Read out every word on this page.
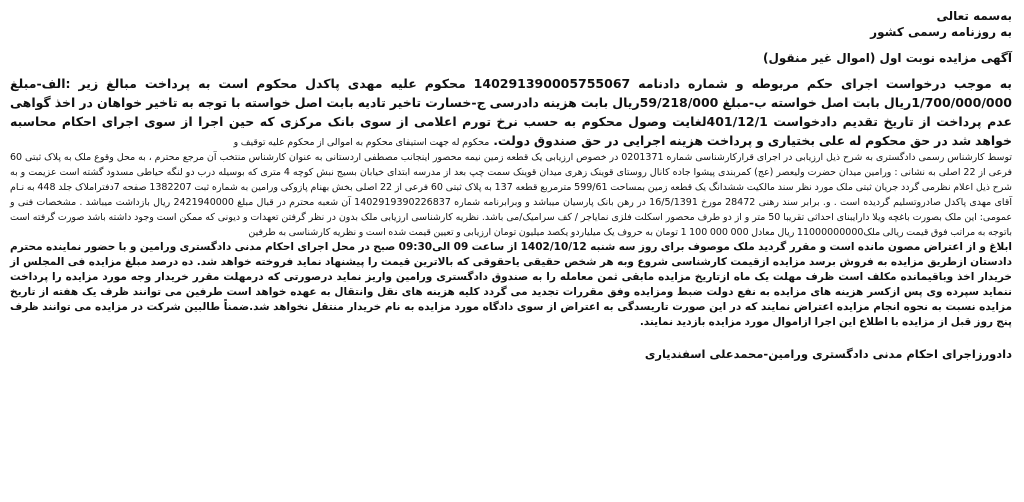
بەسمه تعالی

به روزنامه رسمی کشور

آگهی مزایده نوبت اول (اموال غیر منقول)

به موجب درخواست اجرای حکم مربوطه و شماره دادنامه 140291390005755067 محکوم علیه مهدی پاکدل محکوم است به پرداخت مبالغ زیر :الف-مبلغ 1/700/000/000ریال بابت اصل خواسته ب-مبلغ 59/218/000ریال بابت هزینه دادرسی ج-خسارت تاخیر تادیه بابت اصل خواسته با توجه به تاخیر خواهان در اخذ گواهی عدم پرداخت از تاریخ تقدیم دادخواست 401/12/1لغایت وصول محکوم به حسب نرخ تورم اعلامی از سوی بانک مرکزی که حین اجرا از سوی اجرای احکام محاسبه خواهد شد در حق محکوم له علی بختیاری و پرداخت هزینه اجرایی در حق صندوق دولت. محکوم له جهت استیفای محکوم به اموالی از محکوم علیه توقیف و

توسط کارشناس رسمی دادگستری به شرح ذیل ارزیابی در اجرای قرارکارشناسی شماره 0201371 در خصوص ارزیابی یک قطعه زمین نیمه محصور اینجانب مصطفی اردستانی به عنوان کارشناس منتخب آن مرجع محترم ، به محل وقوع ملک به پلاک ثبتی 60 فرعی از 22 اصلی به نشانی : ورامین میدان حضرت ولیعصر (عج) کمربندی پیشوا جاده کانال روستای قوینک زهری میدان قوینک سمت چپ بعد از مدرسه ابتدای خیابان بسیج نبش کوچه 4 متری که بوسیله درب دو لنگه حیاطی مسدود گشته است عزیمت و به شرح ذیل اعلام نظرمی گردد جریان ثبتی ملک مورد نظر سند مالکیت ششدانگ یک قطعه زمین بمساحت 599/61 مترمربع قطعه 137 به پلاک ثبتی 60 فرعی از 22 اصلی بخش بهنام پازوکی ورامین به شماره ثبت 1382207 صفحه 7دفتراملاک جلد 448 به نـام آقای مهدی پاکدل صادروتسلیم گردیده است . و. برابر سند رهنی 28472 مورخ 16/5/1391 در رهن بانک پارسیان میباشد و وبرابرنامه شماره 1402919390226837 آن شعبه محترم در قبال مبلغ 2421940000 ریال بازداشت میباشد . مشخصات فنی و عمومی: این ملک بصورت باغچه ویلا دارایبنای احداثی تقریبا 50 متر و از دو طرف محصور اسکلت فلزی نمایاجر / کف سرامیک/می باشد. نظریه کارشناسی ارزیابی ملک بدون در نظر گرفتن تعهدات و دیونی که ممکن است وجود داشته باشد صورت گرفته است باتوجه به مراتب فوق قیمت ریالی ملک11000000000 ریال معادل 000 000 100 1 تومان به حروف یک میلیاردو یکصد میلیون تومان ارزیابی و تعیین قیمت شده است و نظریه کارشناسی به طرفین

ابلاغ و از اعتراض مصون مانده است و مقرر گردید ملک موصوف برای روز سه شنبه 1402/10/12 از ساعت 09 الی09:30 صبح در محل اجرای احکام مدنی دادگستری ورامین و با حضور نماینده محترم دادستان ازطریق مزایده به فروش برسد مزایده ازقیمت کارشناسی شروع وبه هر شخص حقیقی یاحقوقی که بالاترین قیمت را پیشنهاد نماید فروخته خواهد شد. ده درصد مبلغ مزایده فی المجلس از خریدار اخذ وباقیمانده مکلف است ظرف مهلت یک ماه ازتاریخ مزایده مابقی ثمن معامله را به صندوق دادگستری ورامین واریز نماید درصورتی که درمهلت مقرر خریدار وجه مورد مزایده را پرداخت ننماید سپرده وی پس ازکسر هزینه های مزایده به نفع دولت ضبط ومزایده وفق مقررات تجدید می گردد کلیه هزینه های نقل وانتقال به عهده خواهد است طرفین می توانند ظرف یک هفته از تاریخ مزایده نسبت به نحوه انجام مزایده اعتراض نمایند که در این صورت تاریسدگی به اعتراض از سوی دادگاه مورد مزایده به نام خریدار منتقل نخواهد شد.ضمناً طالبین شرکت در مزایده می توانند ظرف پنج روز قبل از مزایده با اطلاع این اجرا ازاموال مورد مزایده بازدید نمایند.

دادورزاجرای احکام مدنی دادگستری ورامین-محمدعلی اسفندیاری
